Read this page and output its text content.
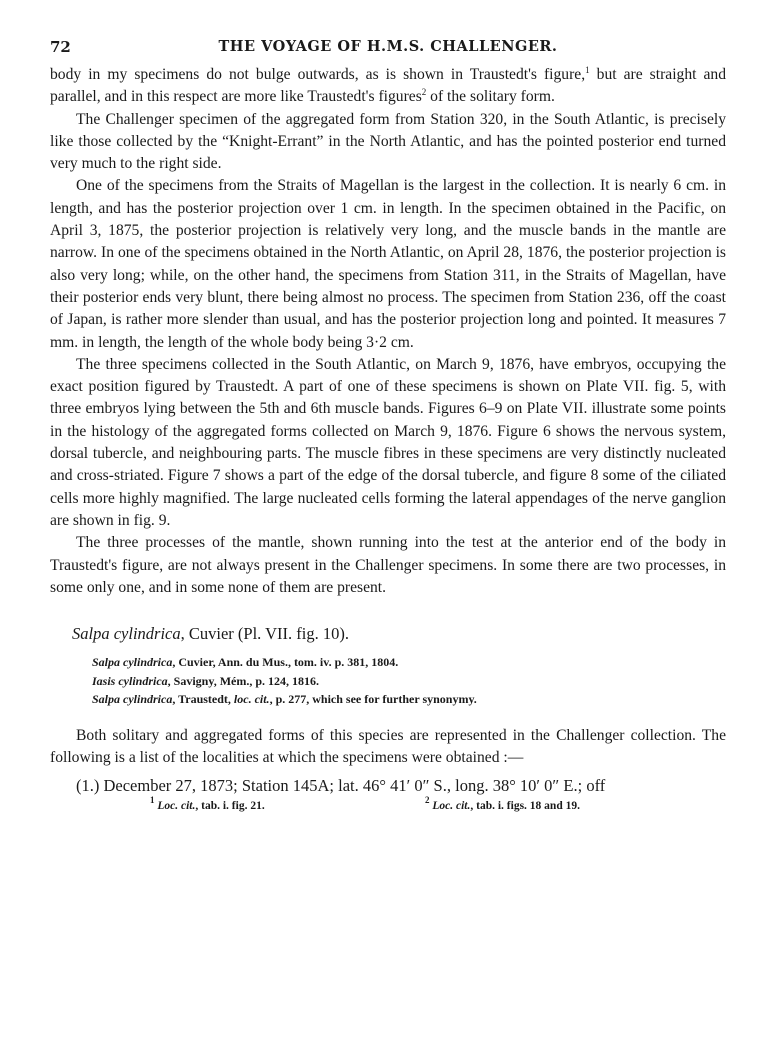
72	THE VOYAGE OF H.M.S. CHALLENGER.

body in my specimens do not bulge outwards, as is shown in Traustedt's figure,$^1$ but are straight and parallel, and in this respect are more like Traustedt's figures$^2$ of the solitary form.

The Challenger specimen of the aggregated form from Station 320, in the South Atlantic, is precisely like those collected by the “Knight-Errant” in the North Atlantic, and has the pointed posterior end turned very much to the right side.

One of the specimens from the Straits of Magellan is the largest in the collection. It is nearly 6 cm. in length, and has the posterior projection over 1 cm. in length. In the specimen obtained in the Pacific, on April 3, 1875, the posterior projection is relatively very long, and the muscle bands in the mantle are narrow. In one of the specimens obtained in the North Atlantic, on April 28, 1876, the posterior projection is also very long; while, on the other hand, the specimens from Station 311, in the Straits of Magellan, have their posterior ends very blunt, there being almost no process. The specimen from Station 236, off the coast of Japan, is rather more slender than usual, and has the posterior projection long and pointed. It measures 7 mm. in length, the length of the whole body being 3·2 cm.

The three specimens collected in the South Atlantic, on March 9, 1876, have embryos, occupying the exact position figured by Traustedt. A part of one of these specimens is shown on Plate VII. fig. 5, with three embryos lying between the 5th and 6th muscle bands. Figures 6–9 on Plate VII. illustrate some points in the histology of the aggregated forms collected on March 9, 1876. Figure 6 shows the nervous system, dorsal tubercle, and neighbouring parts. The muscle fibres in these specimens are very distinctly nucleated and cross-striated. Figure 7 shows a part of the edge of the dorsal tubercle, and figure 8 some of the ciliated cells more highly magnified. The large nucleated cells forming the lateral appendages of the nerve ganglion are shown in fig. 9.

The three processes of the mantle, shown running into the test at the anterior end of the body in Traustedt's figure, are not always present in the Challenger specimens. In some there are two processes, in some only one, and in some none of them are present.

Salpa cylindrica, Cuvier (Pl. VII. fig. 10).
Salpa cylindrica, Cuvier, Ann. du Mus., tom. iv. p. 381, 1804.
Iasis cylindrica, Savigny, Mém., p. 124, 1816.
Salpa cylindrica, Traustedt, loc. cit., p. 277, which see for further synonymy.

Both solitary and aggregated forms of this species are represented in the Challenger collection. The following is a list of the localities at which the specimens were obtained :—

(1.) December 27, 1873; Station 145A; lat. 46° 41′ 0″ S., long. 38° 10′ 0″ E.; off

$^1$ Loc. cit., tab. i. fig. 21.	$^2$ Loc. cit., tab. i. figs. 18 and 19.
